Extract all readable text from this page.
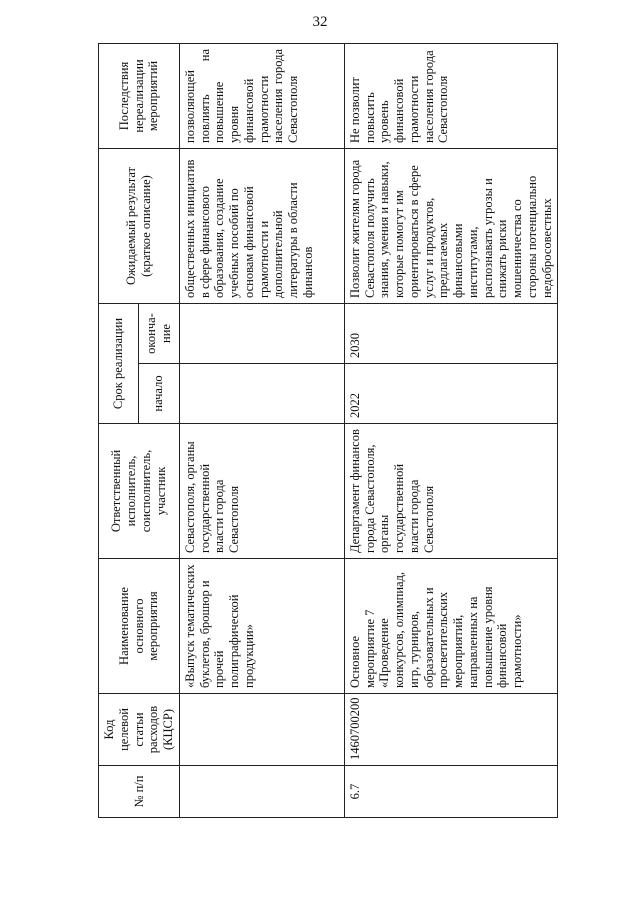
32
№ п/п	Код целевой статьи расходов (КЦСР)	Наименование основного мероприятия	Ответственный исполнитель, соисполнитель, участник	Срок реализации		Ожидаемый результат (краткое описание)	Последствия нереализации мероприятий
				начало	оконча-ние		
		«Выпуск тематических буклетов, брошюр и прочей полиграфической продукции»	Севастополя, органы государственной власти города Севастополя			общественных инициатив в сфере финансового образования, создание учебных пособий по основам финансовой грамотности и дополнительной литературы в области финансов	позволяющей повлиять на повышение уровня финансовой грамотности населения города Севастополя
6.7	1460700200	Основное мероприятие 7 «Проведение конкурсов, олимпиад, игр, турниров, образовательных и просветительских мероприятий, направленных на повышение уровня финансовой грамотности»	Департамент финансов города Севастополя, органы государственной власти города Севастополя	2022	2030	Позволит жителям города Севастополя получить знания, умения и навыки, которые помогут им ориентироваться в сфере услуг и продуктов, предлагаемых финансовыми институтами, распознавать угрозы и снижать риски мошенничества со стороны потенциально недобросовестных	Не позволит повысить уровень финансовой грамотности населения города Севастополя
